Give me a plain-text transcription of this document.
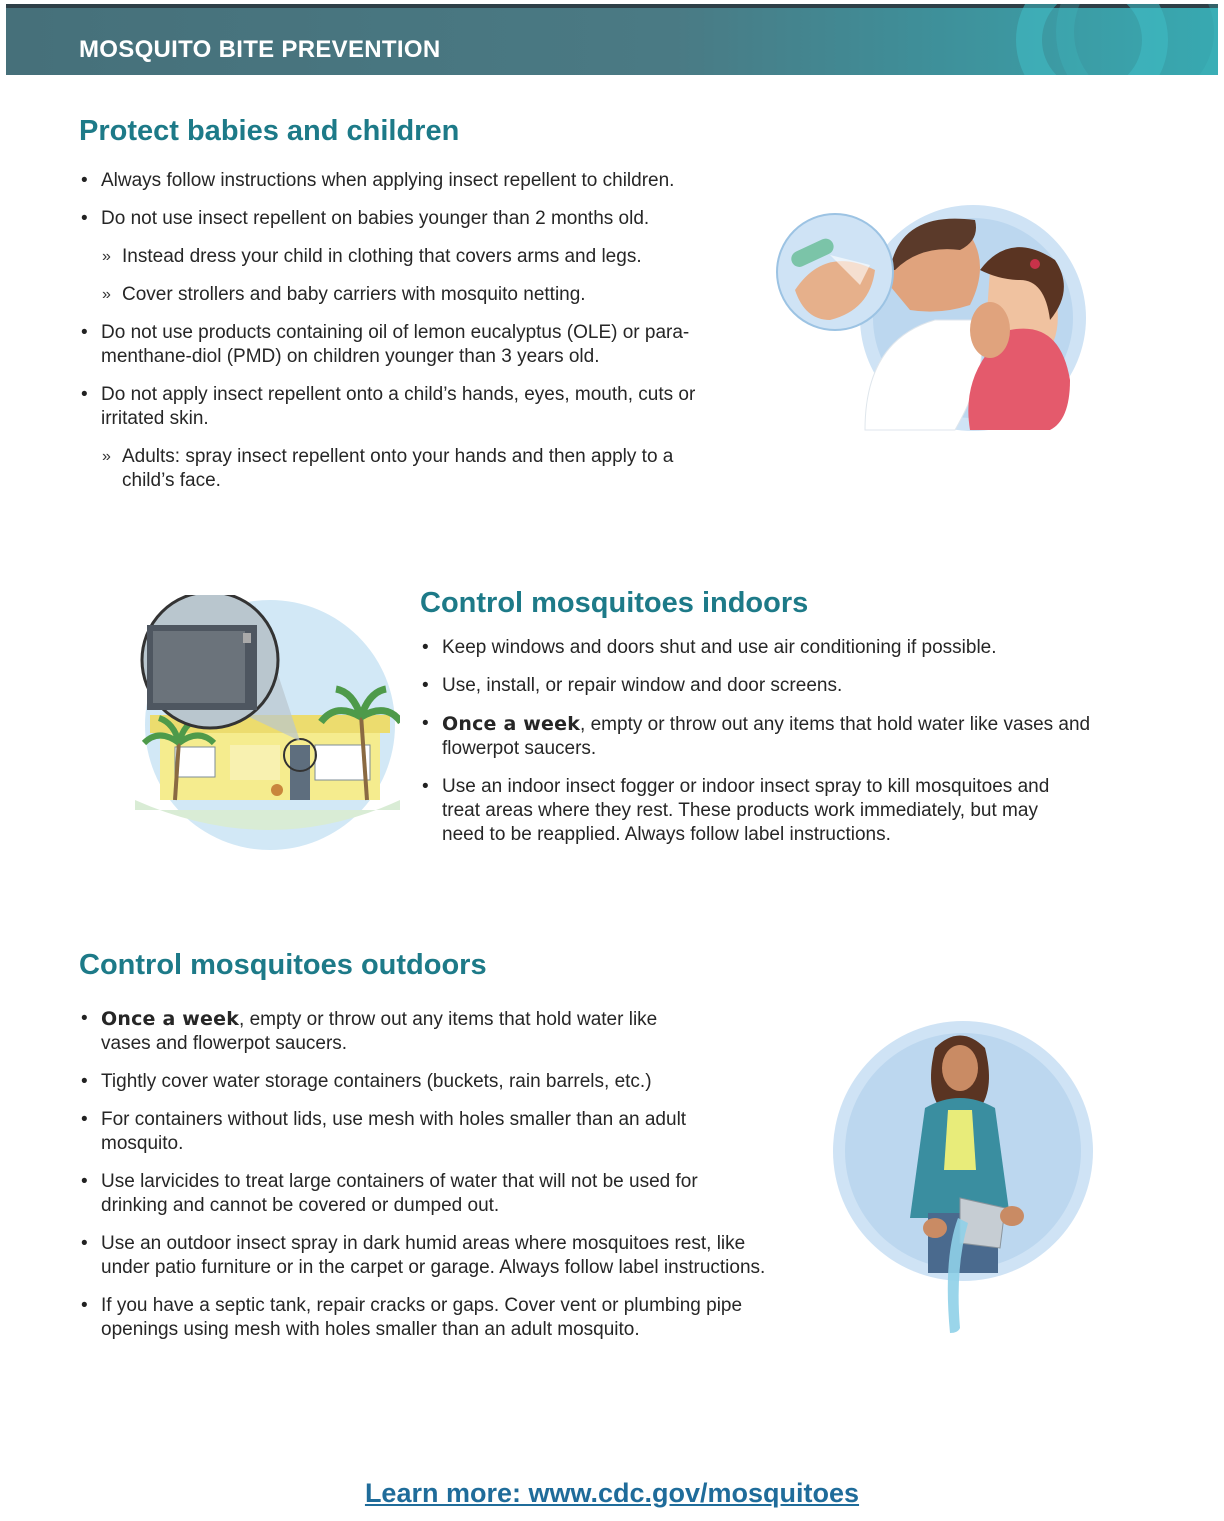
MOSQUITO BITE PREVENTION
Protect babies and children
• Always follow instructions when applying insect repellent to children.
• Do not use insect repellent on babies younger than 2 months old.
» Instead dress your child in clothing that covers arms and legs.
» Cover strollers and baby carriers with mosquito netting.
• Do not use products containing oil of lemon eucalyptus (OLE) or para-menthane-diol (PMD) on children younger than 3 years old.
• Do not apply insect repellent onto a child’s hands, eyes, mouth, cuts or irritated skin.
» Adults: spray insect repellent onto your hands and then apply to a child’s face.
Control mosquitoes indoors
• Keep windows and doors shut and use air conditioning if possible.
• Use, install, or repair window and door screens.
• Once a week, empty or throw out any items that hold water like vases and flowerpot saucers.
• Use an indoor insect fogger or indoor insect spray to kill mosquitoes and treat areas where they rest. These products work immediately, but may need to be reapplied. Always follow label instructions.
Control mosquitoes outdoors
• Once a week, empty or throw out any items that hold water like vases and flowerpot saucers.
• Tightly cover water storage containers (buckets, rain barrels, etc.)
• For containers without lids, use mesh with holes smaller than an adult mosquito.
• Use larvicides to treat large containers of water that will not be used for drinking and cannot be covered or dumped out.
• Use an outdoor insect spray in dark humid areas where mosquitoes rest, like under patio furniture or in the carpet or garage. Always follow label instructions.
• If you have a septic tank, repair cracks or gaps. Cover vent or plumbing pipe openings using mesh with holes smaller than an adult mosquito.

Learn more: www.cdc.gov/mosquitoes
